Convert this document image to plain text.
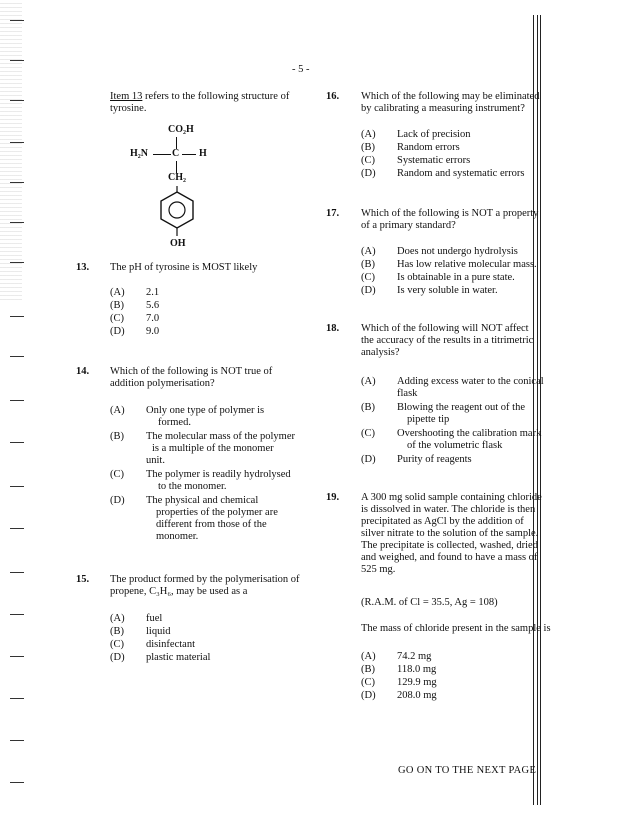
- 5 -
Item 13 refers to the following structure of
tyrosine.
CO₂H
H₂N C H
CH₂
OH
13. The pH of tyrosine is MOST likely
(A) 2.1
(B) 5.6
(C) 7.0
(D) 9.0
14. Which of the following is NOT true of
addition polymerisation?
(A) Only one type of polymer is
formed.
(B) The molecular mass of the polymer
is a multiple of the monomer
unit.
(C) The polymer is readily hydrolysed
to the monomer.
(D) The physical and chemical
properties of the polymer are
different from those of the
monomer.
15. The product formed by the polymerisation of
propene, C₃H₆, may be used as a
(A) fuel
(B) liquid
(C) disinfectant
(D) plastic material
16. Which of the following may be eliminated
by calibrating a measuring instrument?
(A) Lack of precision
(B) Random errors
(C) Systematic errors
(D) Random and systematic errors
17. Which of the following is NOT a property
of a primary standard?
(A) Does not undergo hydrolysis
(B) Has low relative molecular mass.
(C) Is obtainable in a pure state.
(D) Is very soluble in water.
18. Which of the following will NOT affect
the accuracy of the results in a titrimetric
analysis?
(A) Adding excess water to the conical
flask
(B) Blowing the reagent out of the
pipette tip
(C) Overshooting the calibration mark
of the volumetric flask
(D) Purity of reagents
19. A 300 mg solid sample containing chloride
is dissolved in water. The chloride is then
precipitated as AgCl by the addition of
silver nitrate to the solution of the sample.
The precipitate is collected, washed, dried
and weighed, and found to have a mass of
525 mg.
(R.A.M. of Cl = 35.5, Ag = 108)
The mass of chloride present in the sample is
(A) 74.2 mg
(B) 118.0 mg
(C) 129.9 mg
(D) 208.0 mg
GO ON TO THE NEXT PAGE
